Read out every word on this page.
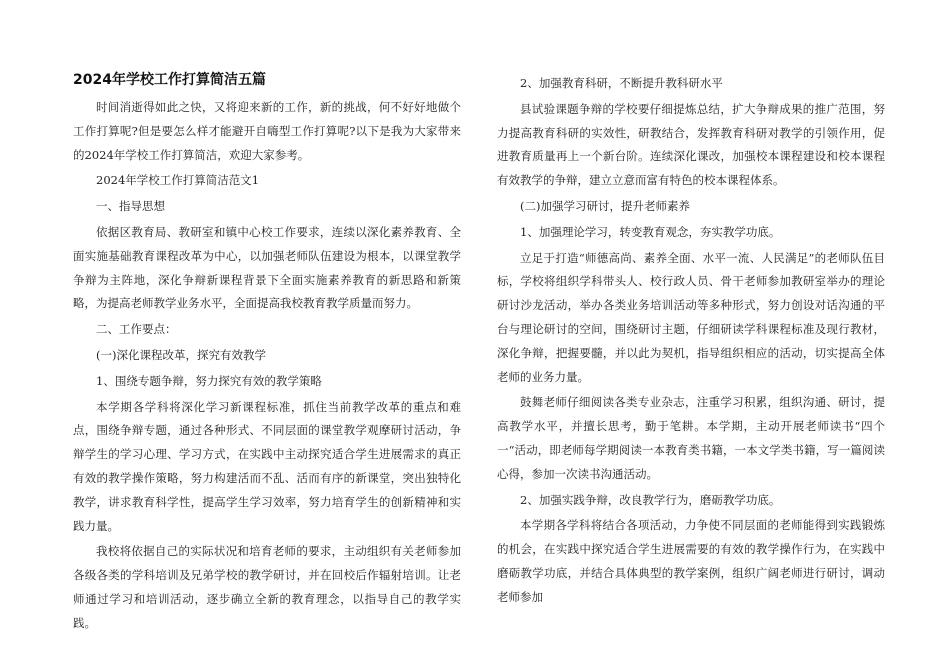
2024年学校工作打算简洁五篇
时间消逝得如此之快，又将迎来新的工作，新的挑战，何不好好地做个工作打算呢?但是要怎么样才能避开自嗨型工作打算呢?以下是我为大家带来的2024年学校工作打算简洁，欢迎大家参考。
2024年学校工作打算简洁范文1
一、指导思想
依据区教育局、教研室和镇中心校工作要求，连续以深化素养教育、全面实施基础教育课程改革为中心，以加强老师队伍建设为根本，以课堂教学争辩为主阵地，深化争辩新课程背景下全面实施素养教育的新思路和新策略，为提高老师教学业务水平，全面提高我校教育教学质量而努力。
二、工作要点：
(一)深化课程改革，探究有效教学
1、围绕专题争辩，努力探究有效的教学策略
本学期各学科将深化学习新课程标准，抓住当前教学改革的重点和难点，围绕争辩专题，通过各种形式、不同层面的课堂教学观摩研讨活动，争辩学生的学习心理、学习方式，在实践中主动探究适合学生进展需求的真正有效的教学操作策略，努力构建活而不乱、活而有序的新课堂，突出独特化教学，讲求教育科学性，提高学生学习效率，努力培育学生的创新精神和实践力量。
我校将依据自己的实际状况和培育老师的要求，主动组织有关老师参加各级各类的学科培训及兄弟学校的教学研讨，并在回校后作辐射培训。让老师通过学习和培训活动，逐步确立全新的教育理念，以指导自己的教学实践。
2、加强教育科研，不断提升教科研水平
县试验课题争辩的学校要仔细提炼总结，扩大争辩成果的推广范围，努力提高教育科研的实效性，研教结合，发挥教育科研对教学的引领作用，促进教育质量再上一个新台阶。连续深化课改，加强校本课程建设和校本课程有效教学的争辩，建立立意而富有特色的校本课程体系。
(二)加强学习研讨，提升老师素养
1、加强理论学习，转变教育观念，夯实教学功底。
立足于打造“师德高尚、素养全面、水平一流、人民满足”的老师队伍目标，学校将组织学科带头人、校行政人员、骨干老师参加教研室举办的理论研讨沙龙活动，举办各类业务培训活动等多种形式，努力创设对话沟通的平台与理论研讨的空间，围绕研讨主题，仔细研读学科课程标准及现行教材，深化争辩，把握要髓，并以此为契机，指导组织相应的活动，切实提高全体老师的业务力量。
鼓舞老师仔细阅读各类专业杂志，注重学习积累，组织沟通、研讨，提高教学水平，并擅长思考，勤于笔耕。本学期，主动开展老师读书“四个一“活动，即老师每学期阅读一本教育类书籍，一本文学类书籍，写一篇阅读心得，参加一次读书沟通活动。
2、加强实践争辩，改良教学行为，磨砺教学功底。
本学期各学科将结合各项活动，力争使不同层面的老师能得到实践锻炼的机会，在实践中探究适合学生进展需要的有效的教学操作行为，在实践中磨砺教学功底，并结合具体典型的教学案例，组织广阔老师进行研讨，调动老师参加
